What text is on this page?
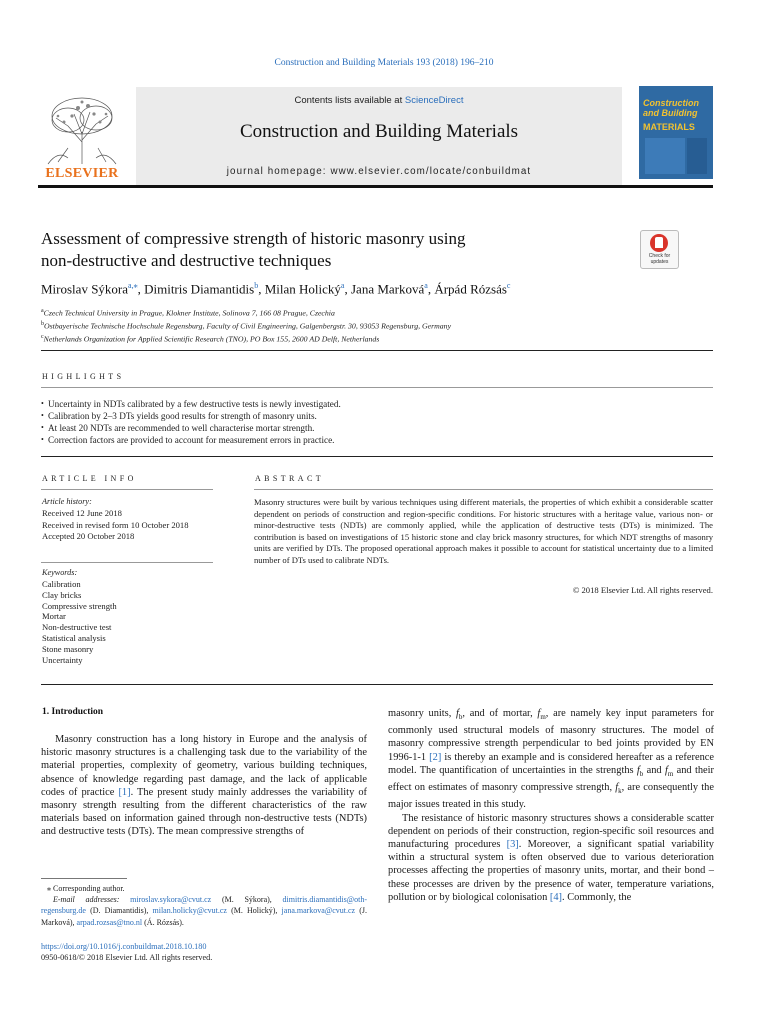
Construction and Building Materials 193 (2018) 196–210
ELSEVIER
Contents lists available at ScienceDirect
Construction and Building Materials
journal homepage: www.elsevier.com/locate/conbuildmat
Construction and Building
MATERIALS
Assessment of compressive strength of historic masonry using
non-destructive and destructive techniques	Check for updates
Miroslav Sýkora$^{a,⁎}$, Dimitris Diamantidis$^b$, Milan Holický$^a$, Jana Marková$^a$, Árpád Rózsás$^c$
$^a$Czech Technical University in Prague, Klokner Institute, Solinova 7, 166 08 Prague, Czechia
$^b$Ostbayerische Technische Hochschule Regensburg, Faculty of Civil Engineering, Galgenbergstr. 30, 93053 Regensburg, Germany
$^c$Netherlands Organization for Applied Scientific Research (TNO), PO Box 155, 2600 AD Delft, Netherlands
HIGHLIGHTS
• Uncertainty in NDTs calibrated by a few destructive tests is newly investigated.
• Calibration by 2–3 DTs yields good results for strength of masonry units.
• At least 20 NDTs are recommended to well characterise mortar strength.
• Correction factors are provided to account for measurement errors in practice.
ARTICLE INFO
Article history:
Received 12 June 2018
Received in revised form 10 October 2018
Accepted 20 October 2018
Keywords:
Calibration
Clay bricks
Compressive strength
Mortar
Non-destructive test
Statistical analysis
Stone masonry
Uncertainty
ABSTRACT
Masonry structures were built by various techniques using different materials, the properties of which exhibit a considerable scatter dependent on periods of construction and region-specific conditions. For historic structures with a heritage value, various non- or minor-destructive tests (NDTs) are commonly applied, while the application of destructive tests (DTs) is minimized. The contribution is based on investigations of 15 historic stone and clay brick masonry structures, for which NDT strengths of masonry units are verified by DTs. The proposed operational approach makes it possible to account for statistical uncertainty due to a limited number of DTs used to calibrate NDTs.
© 2018 Elsevier Ltd. All rights reserved.
1. Introduction

Masonry construction has a long history in Europe and the analysis of historic masonry structures is a challenging task due to the variability of the material properties, complexity of geometry, various building techniques, absence of knowledge regarding past damage, and the lack of applicable codes of practice [1]. The present study mainly addresses the variability of masonry strength resulting from the different characteristics of the raw materials based on information gained through non-destructive tests (NDTs) and destructive tests (DTs). The mean compressive strengths of

masonry units, $f_b$, and of mortar, $f_m$, are namely key input parameters for commonly used structural models of masonry structures. The model of masonry compressive strength perpendicular to bed joints provided by EN 1996-1-1 [2] is thereby an example and is considered hereafter as a reference model. The quantification of uncertainties in the strengths $f_b$ and $f_m$ and their effect on estimates of masonry compressive strength, $f_k$, are consequently the major issues treated in this study.

The resistance of historic masonry structures shows a considerable scatter dependent on periods of their construction, region-specific soil resources and manufacturing procedures [3]. Moreover, a significant spatial variability within a structural system is often observed due to various deterioration processes affecting the properties of masonry units, mortar, and their bond – these processes are driven by the presence of water, temperature variations, pollution or by biological colonisation [4]. Commonly, the

⁎ Corresponding author.
E-mail addresses: miroslav.sykora@cvut.cz (M. Sýkora), dimitris.diamantidis@oth-regensburg.de (D. Diamantidis), milan.holicky@cvut.cz (M. Holický), jana.markova@cvut.cz (J. Marková), arpad.rozsas@tno.nl (Á. Rózsás).
https://doi.org/10.1016/j.conbuildmat.2018.10.180
0950-0618/© 2018 Elsevier Ltd. All rights reserved.
